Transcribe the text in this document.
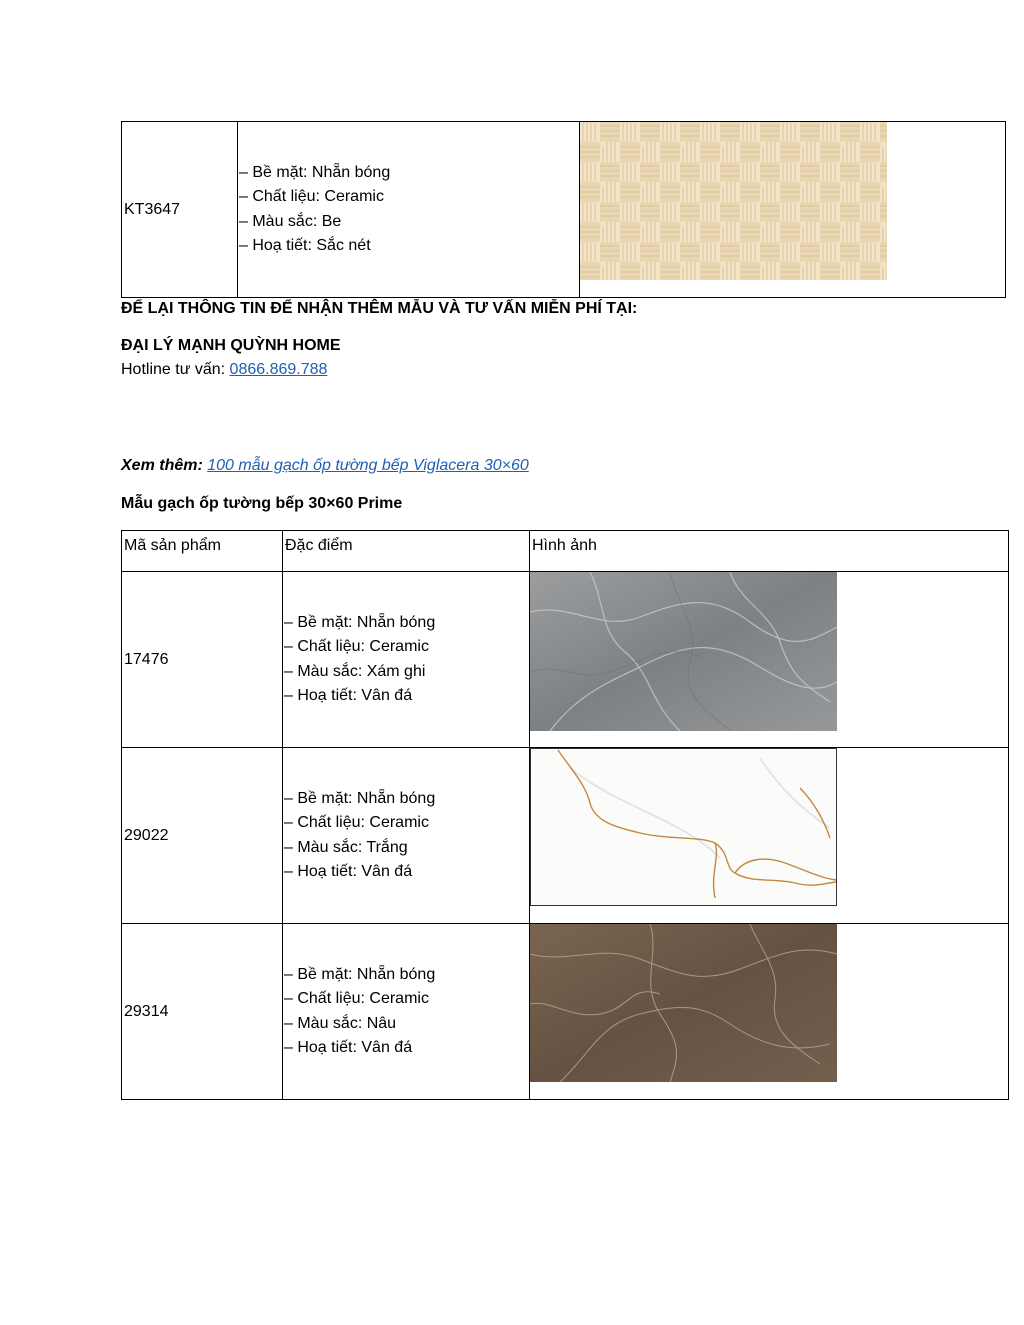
KT3647	
– Bề mặt: Nhẵn bóng
– Chất liệu: Ceramic
– Màu sắc: Be
– Hoạ tiết: Sắc nét

ĐỂ LẠI THÔNG TIN ĐỂ NHẬN THÊM MẪU VÀ TƯ VẤN MIỄN PHÍ TẠI:
ĐẠI LÝ MẠNH QUỲNH HOME
Hotline tư vấn: 0866.869.788
Xem thêm: 100 mẫu gạch ốp tường bếp Viglacera 30×60
Mẫu gạch ốp tường bếp 30×60 Prime
Mã sản phẩm	Đặc điểm	Hình ảnh
17476	– Bề mặt: Nhẵn bóng
– Chất liệu: Ceramic
– Màu sắc: Xám ghi
– Hoạ tiết: Vân đá

29022	– Bề mặt: Nhẵn bóng
– Chất liệu: Ceramic
– Màu sắc: Trắng
– Hoạ tiết: Vân đá

29314	– Bề mặt: Nhẵn bóng
– Chất liệu: Ceramic
– Màu sắc: Nâu
– Hoạ tiết: Vân đá
